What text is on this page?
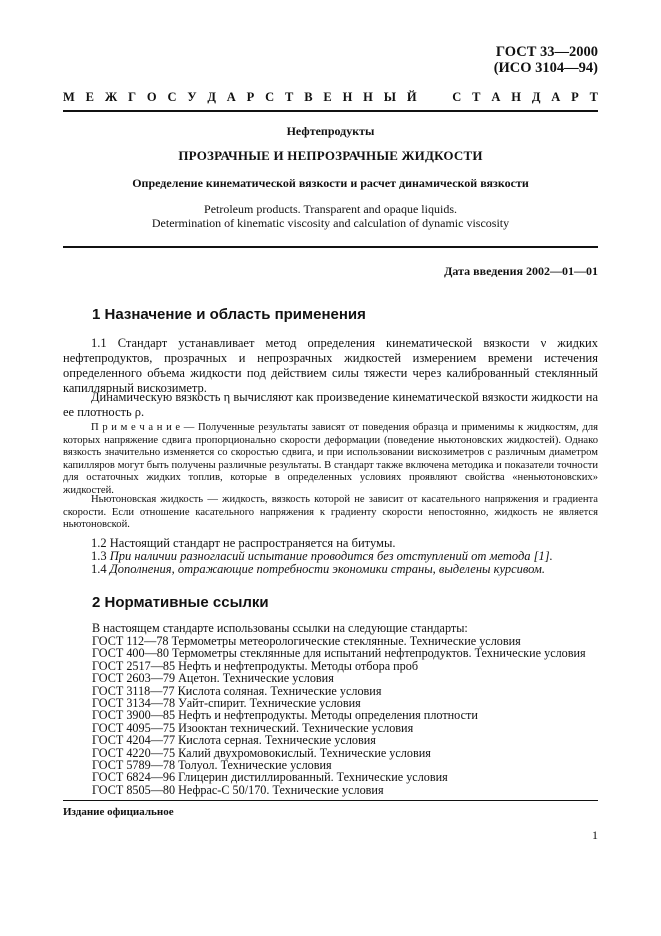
ГОСТ 33—2000
(ИСО 3104—94)
М Е Ж Г О С У Д А Р С Т В Е Н Н Ы Й	С Т А Н Д А Р Т
Нефтепродукты
ПРОЗРАЧНЫЕ И НЕПРОЗРАЧНЫЕ ЖИДКОСТИ
Определение кинематической вязкости и расчет динамической вязкости
Petroleum products. Transparent and opaque liquids.
Determination of kinematic viscosity and calculation of dynamic viscosity
Дата введения 2002—01—01
1 Назначение и область применения
1.1 Стандарт устанавливает метод определения кинематической вязкости ν жидких нефтепродуктов, прозрачных и непрозрачных жидкостей измерением времени истечения определенного объема жидкости под действием силы тяжести через калиброванный стеклянный капиллярный вискозиметр.
Динамическую вязкость η вычисляют как произведение кинематической вязкости жидкости на ее плотность ρ.
П р и м е ч а н и е — Полученные результаты зависят от поведения образца и применимы к жидкостям, для которых напряжение сдвига пропорционально скорости деформации (поведение ньютоновских жидкостей). Однако вязкость значительно изменяется со скоростью сдвига, и при использовании вискозиметров с различным диаметром капилляров могут быть получены различные результаты. В стандарт также включена методика и показатели точности для остаточных жидких топлив, которые в определенных условиях проявляют свойства «неньютоновских» жидкостей.
Ньютоновская жидкость — жидкость, вязкость которой не зависит от касательного напряжения и градиента скорости. Если отношение касательного напряжения к градиенту скорости непостоянно, жидкость не является ньютоновской.
1.2 Настоящий стандарт не распространяется на битумы.
1.3 При наличии разногласий испытание проводится без отступлений от метода [1].
1.4 Дополнения, отражающие потребности экономики страны, выделены курсивом.
2 Нормативные ссылки
В настоящем стандарте использованы ссылки на следующие стандарты:
ГОСТ 112—78 Термометры метеорологические стеклянные. Технические условия
ГОСТ 400—80 Термометры стеклянные для испытаний нефтепродуктов. Технические условия
ГОСТ 2517—85 Нефть и нефтепродукты. Методы отбора проб
ГОСТ 2603—79 Ацетон. Технические условия
ГОСТ 3118—77 Кислота соляная. Технические условия
ГОСТ 3134—78 Уайт-спирит. Технические условия
ГОСТ 3900—85 Нефть и нефтепродукты. Методы определения плотности
ГОСТ 4095—75 Изооктан технический. Технические условия
ГОСТ 4204—77 Кислота серная. Технические условия
ГОСТ 4220—75 Калий двухромовокислый. Технические условия
ГОСТ 5789—78 Толуол. Технические условия
ГОСТ 6824—96 Глицерин дистиллированный. Технические условия
ГОСТ 8505—80 Нефрас-С 50/170. Технические условия
Издание официальное
1
